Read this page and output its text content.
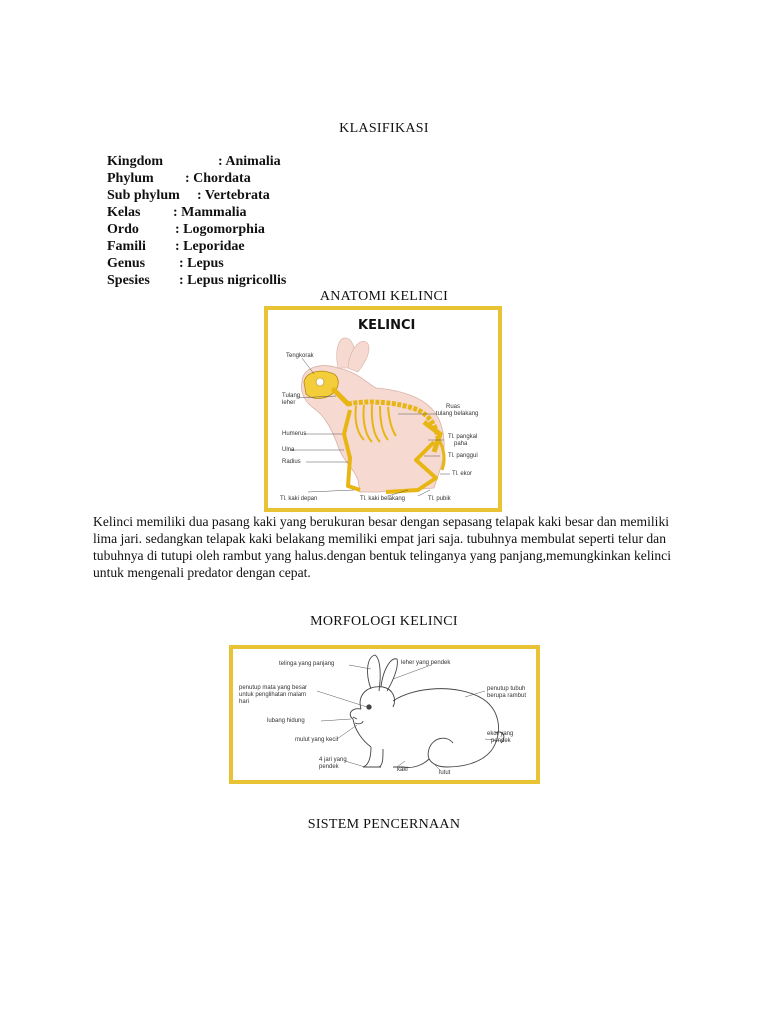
KLASIFIKASI

Kingdom	: Animalia

Phylum : Chordata

Sub phylum : Vertebrata

Kelas : Mammalia

Ordo	: Logomorphia

Famili : Leporidae

Genus : Lepus

Spesies : Lepus nigricollis

ANATOMI KELINCI
KELINCI
Tengkorak
Tulang
leher
Humerus
Ulna
Radius
Ruas
tulang belakang
Tl. pangkal
paha
Tl. panggul
Tl. ekor
Tl. kaki depan	Tl. kaki belakang	Tl. pubik
Kelinci memiliki dua pasang kaki yang berukuran besar dengan sepasang telapak kaki besar dan memiliki lima jari. sedangkan telapak kaki belakang memiliki empat jari saja. tubuhnya membulat seperti telur dan tubuhnya di tutupi oleh rambut yang halus.dengan bentuk telinganya yang panjang,memungkinkan kelinci untuk mengenali predator dengan cepat.
MORFOLOGI KELINCI
telinga yang panjang	leher yang pendek
penutup mata yang besar
untuk penglihatan malam
hari
penutup tubuh
berupa rambut
lubang hidung
mulut yang kecil
ekor yang
pendek
4 jari yang
pendek	kaki	lutut
SISTEM PENCERNAAN
